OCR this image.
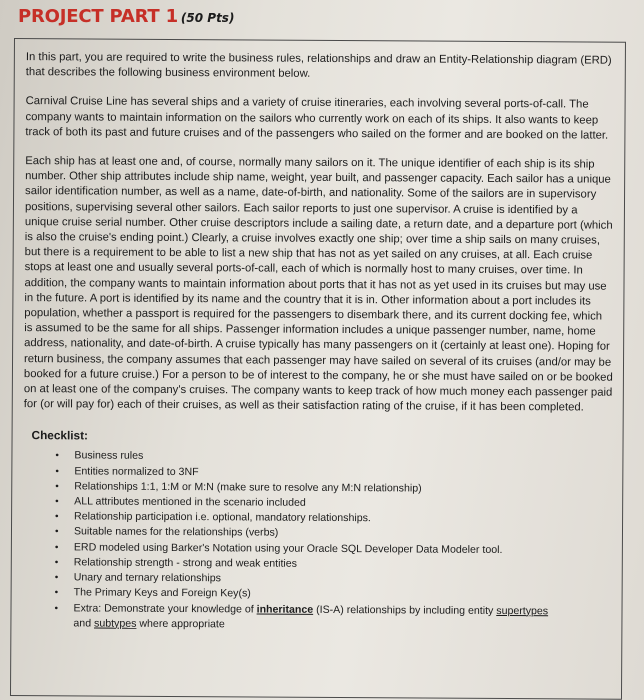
PROJECT PART 1 (50 Pts)

In this part, you are required to write the business rules, relationships and draw an Entity-Relationship diagram (ERD) that describes the following business environment below.

Carnival Cruise Line has several ships and a variety of cruise itineraries, each involving several ports-of-call. The company wants to maintain information on the sailors who currently work on each of its ships. It also wants to keep track of both its past and future cruises and of the passengers who sailed on the former and are booked on the latter.

Each ship has at least one and, of course, normally many sailors on it. The unique identifier of each ship is its ship number. Other ship attributes include ship name, weight, year built, and passenger capacity. Each sailor has a unique sailor identification number, as well as a name, date-of-birth, and nationality. Some of the sailors are in supervisory positions, supervising several other sailors. Each sailor reports to just one supervisor. A cruise is identified by a unique cruise serial number. Other cruise descriptors include a sailing date, a return date, and a departure port (which is also the cruise's ending point.) Clearly, a cruise involves exactly one ship; over time a ship sails on many cruises, but there is a requirement to be able to list a new ship that has not as yet sailed on any cruises, at all. Each cruise stops at least one and usually several ports-of-call, each of which is normally host to many cruises, over time. In addition, the company wants to maintain information about ports that it has not as yet used in its cruises but may use in the future. A port is identified by its name and the country that it is in. Other information about a port includes its population, whether a passport is required for the passengers to disembark there, and its current docking fee, which is assumed to be the same for all ships. Passenger information includes a unique passenger number, name, home address, nationality, and date-of-birth. A cruise typically has many passengers on it (certainly at least one). Hoping for return business, the company assumes that each passenger may have sailed on several of its cruises (and/or may be booked for a future cruise.) For a person to be of interest to the company, he or she must have sailed on or be booked on at least one of the company's cruises. The company wants to keep track of how much money each passenger paid for (or will pay for) each of their cruises, as well as their satisfaction rating of the cruise, if it has been completed.

Checklist:
• Business rules
• Entities normalized to 3NF
• Relationships 1:1, 1:M or M:N (make sure to resolve any M:N relationship)
• ALL attributes mentioned in the scenario included
• Relationship participation i.e. optional, mandatory relationships.
• Suitable names for the relationships (verbs)
• ERD modeled using Barker's Notation using your Oracle SQL Developer Data Modeler tool.
• Relationship strength - strong and weak entities
• Unary and ternary relationships
• The Primary Keys and Foreign Key(s)
• Extra: Demonstrate your knowledge of inheritance (IS-A) relationships by including entity supertypes
and subtypes where appropriate
